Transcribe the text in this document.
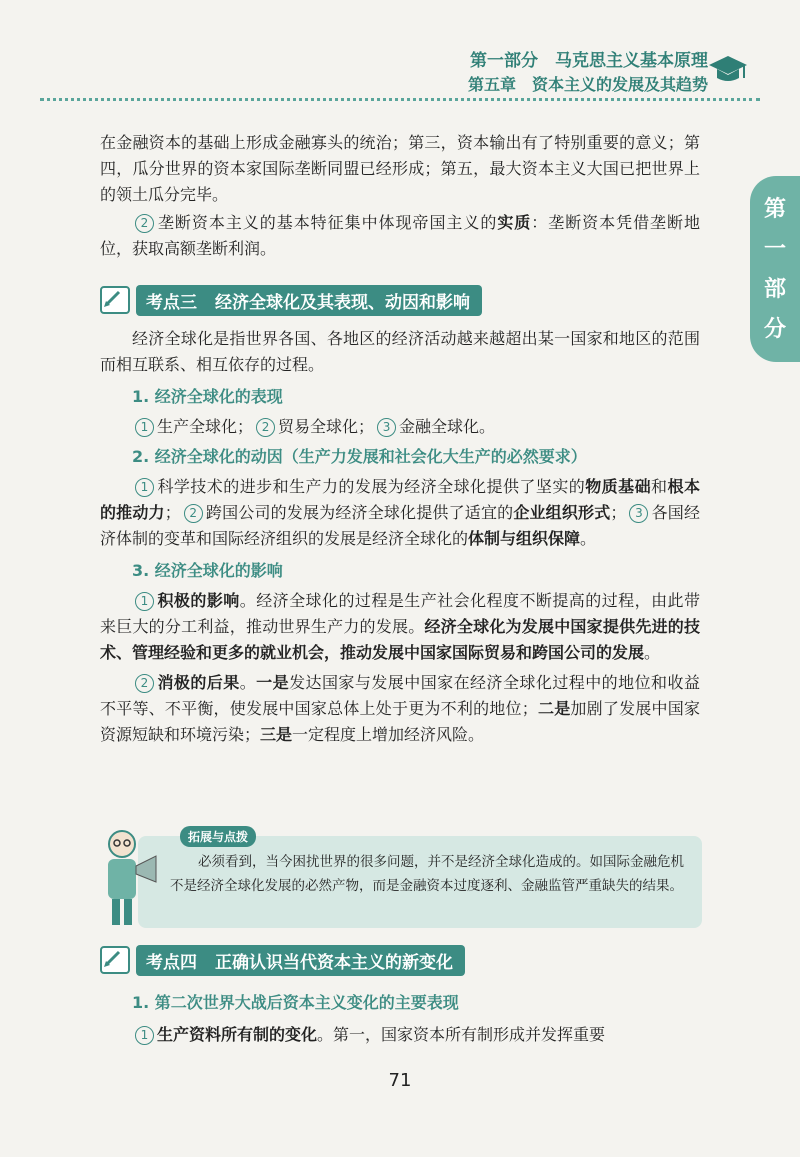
第一部分　马克思主义基本原理
第五章　资本主义的发展及其趋势
第
一
部
分

在金融资本的基础上形成金融寡头的统治；第三，资本输出有了特别重要的意义；第四，瓜分世界的资本家国际垄断同盟已经形成；第五，最大资本主义大国已把世界上的领土瓜分完毕。

2 垄断资本主义的基本特征集中体现帝国主义的实质：垄断资本凭借垄断地位，获取高额垄断利润。

考点三 经济全球化及其表现、动因和影响

经济全球化是指世界各国、各地区的经济活动越来越超出某一国家和地区的范围而相互联系、相互依存的过程。

1. 经济全球化的表现

1 生产全球化； 2 贸易全球化； 3 金融全球化。

2. 经济全球化的动因（生产力发展和社会化大生产的必然要求）

1 科学技术的进步和生产力的发展为经济全球化提供了坚实的物质基础和根本的推动力； 2 跨国公司的发展为经济全球化提供了适宜的企业组织形式； 3 各国经济体制的变革和国际经济组织的发展是经济全球化的体制与组织保障。

3. 经济全球化的影响

1 积极的影响。经济全球化的过程是生产社会化程度不断提高的过程，由此带来巨大的分工利益，推动世界生产力的发展。经济全球化为发展中国家提供先进的技术、管理经验和更多的就业机会，推动发展中国家国际贸易和跨国公司的发展。

2 消极的后果。一是发达国家与发展中国家在经济全球化过程中的地位和收益不平等、不平衡，使发展中国家总体上处于更为不利的地位；二是加剧了发展中国家资源短缺和环境污染；三是一定程度上增加经济风险。

拓展与点拨
必须看到，当今困扰世界的很多问题，并不是经济全球化造成的。如国际金融危机不是经济全球化发展的必然产物，而是金融资本过度逐利、金融监管严重缺失的结果。
考点四 正确认识当代资本主义的新变化
1. 第二次世界大战后资本主义变化的主要表现

1 生产资料所有制的变化。第一，国家资本所有制形成并发挥重要

71
